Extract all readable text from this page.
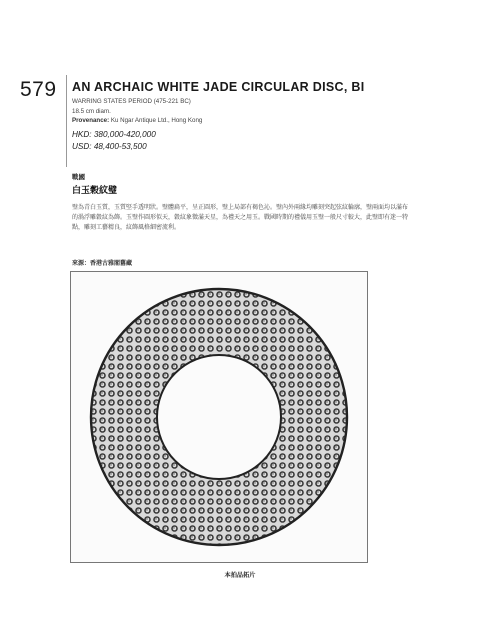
579 AN ARCHAIC WHITE JADE CIRCULAR DISC, BI
WARRING STATES PERIOD (475-221 BC)
18.5 cm diam.
Provenance: Ku Ngar Antique Ltd., Hong Kong
HKD: 380,000-420,000
USD: 48,400-53,500
戰國
白玉穀紋璧
璧為青白玉質，玉質堅手透明狀。璧體扁平，呈正圓形，璧上局部有褐色沁。璧內外兩緣均雕刻突起弦紋輪廓，璧兩面均以滿布的渦浮雕穀紋為飾。玉璧作圓形似天，穀紋象徵滿天星，為禮天之用玉。戰國時期的禮儀用玉璧一般尺寸較大，此璧即有迷一特點，雕刻工藝精良，紋飾風格細密流利。
來源：香港古雅閣舊藏
本拍品拓片
